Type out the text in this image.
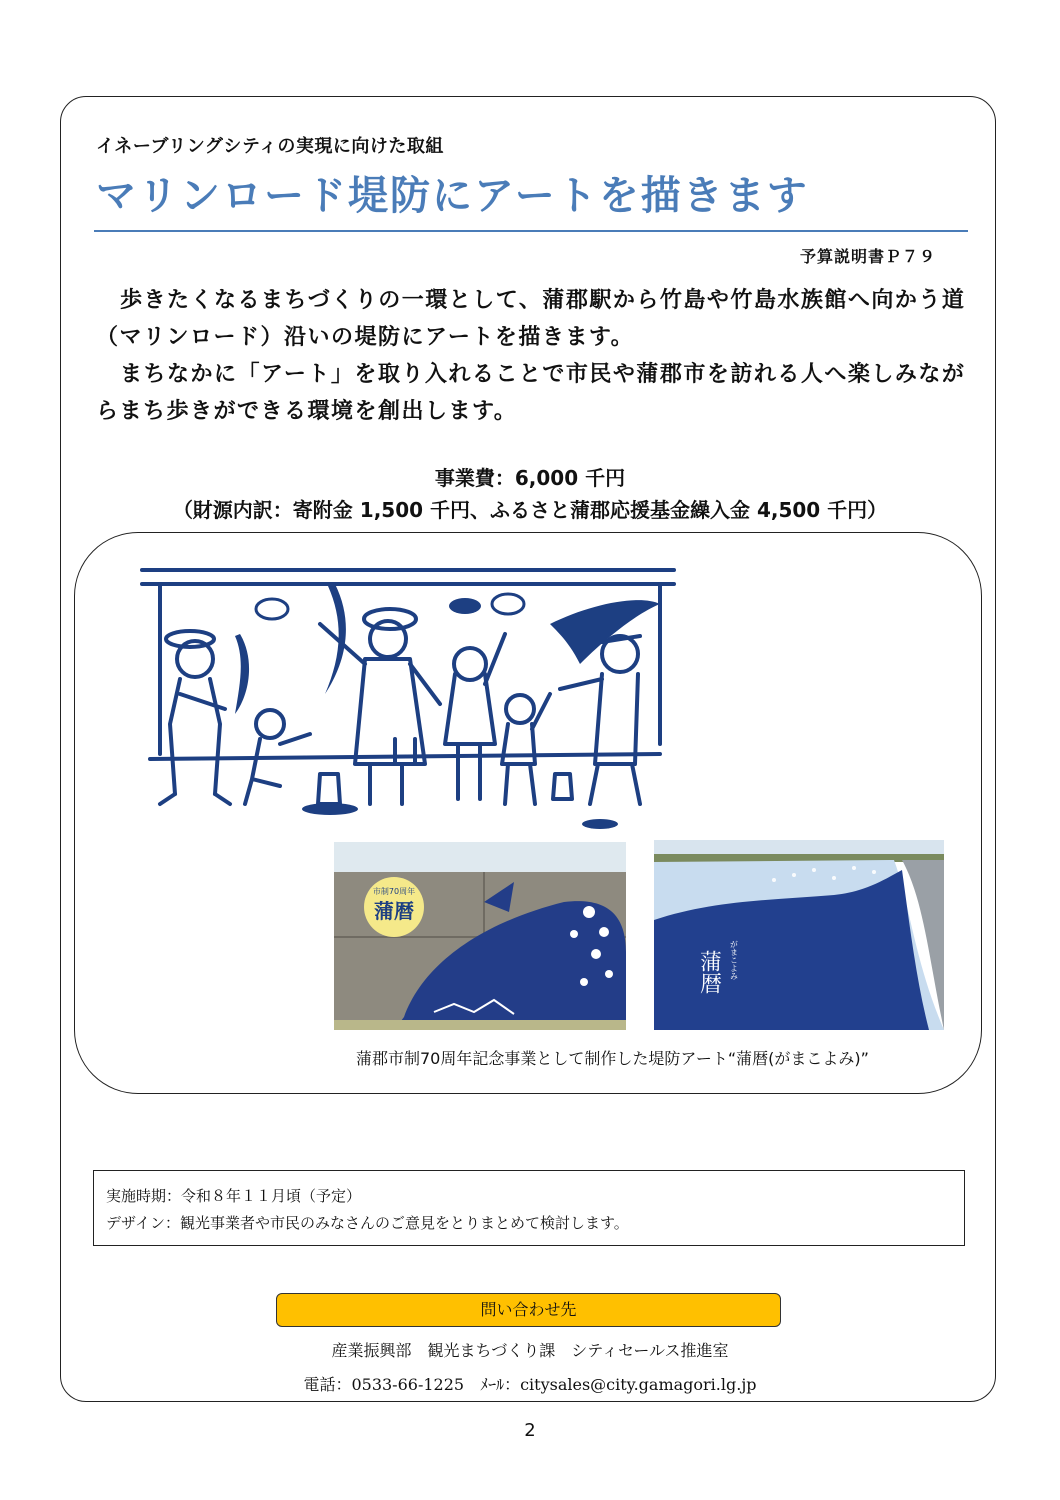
イネーブリングシティの実現に向けた取組
マリンロード堤防にアートを描きます
予算説明書Ｐ７９

歩きたくなるまちづくりの一環として、蒲郡駅から竹島や竹島水族館へ向かう道（マリンロード）沿いの堤防にアートを描きます。

まちなかに「アート」を取り入れることで市民や蒲郡市を訪れる人へ楽しみながらまち歩きができる環境を創出します。

事業費：6,000 千円
（財源内訳：寄附金 1,500 千円、ふるさと蒲郡応援基金繰入金 4,500 千円）
市制70周年
蒲暦
蒲暦 がまこよみ
蒲郡市制70周年記念事業として制作した堤防アート“蒲暦(がまこよみ)”
実施時期：令和８年１１月頃（予定）
デザイン：観光事業者や市民のみなさんのご意見をとりまとめて検討します。
問い合わせ先
産業振興部　観光まちづくり課　シティセールス推進室
電話：0533-66-1225　ﾒｰﾙ：citysales@city.gamagori.lg.jp
2
